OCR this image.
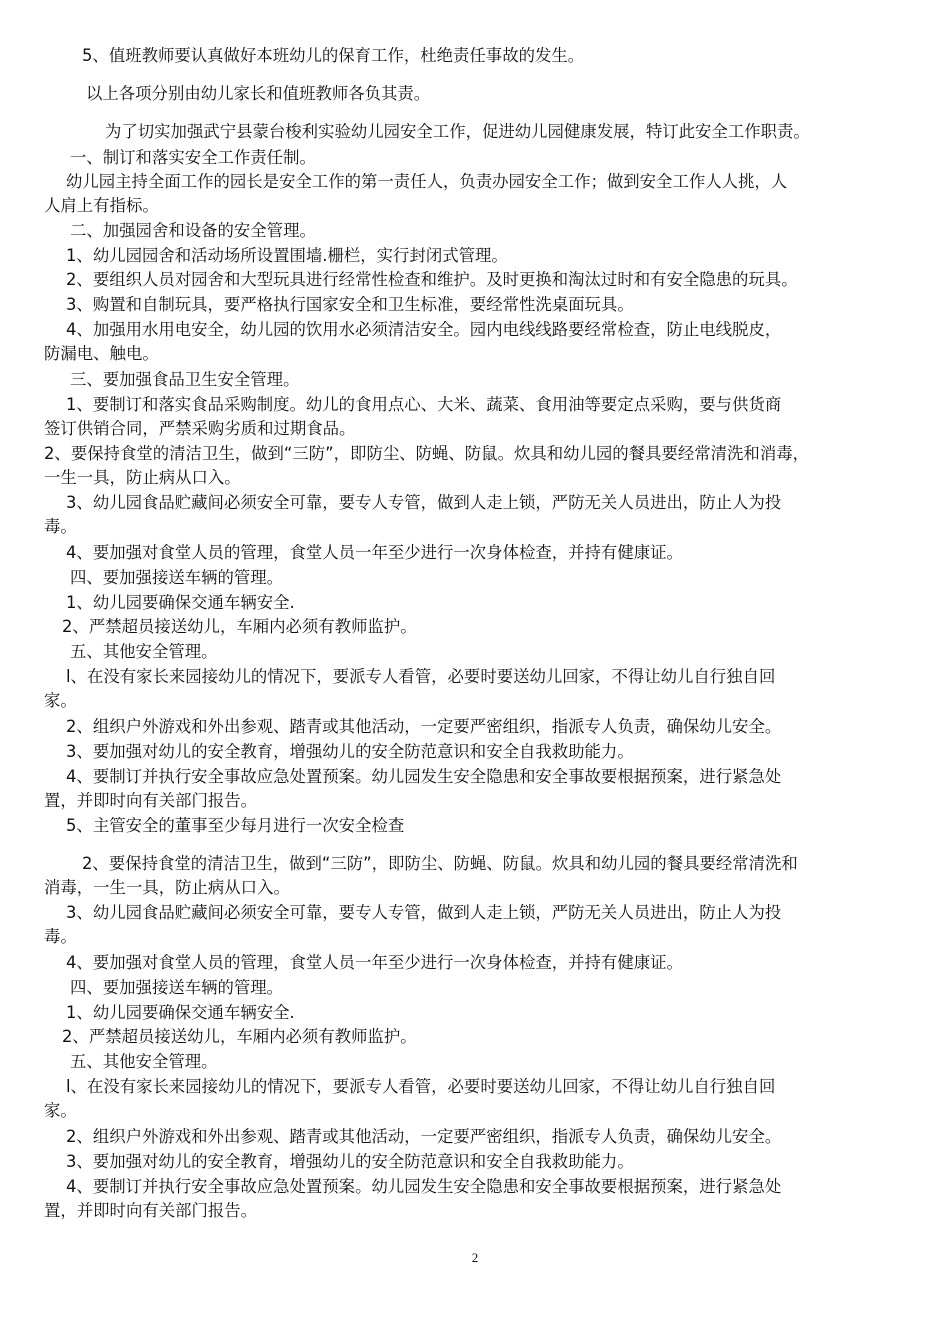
5、值班教师要认真做好本班幼儿的保育工作，杜绝责任事故的发生。
以上各项分别由幼儿家长和值班教师各负其责。
为了切实加强武宁县蒙台梭利实验幼儿园安全工作，促进幼儿园健康发展，特订此安全工作职责。
一、制订和落实安全工作责任制。
幼儿园主持全面工作的园长是安全工作的第一责任人，负责办园安全工作；做到安全工作人人挑，人
人肩上有指标。
二、加强园舍和设备的安全管理。
1、幼儿园园舍和活动场所设置围墙.栅栏，实行封闭式管理。
2、要组织人员对园舍和大型玩具进行经常性检查和维护。及时更换和淘汰过时和有安全隐患的玩具。
3、购置和自制玩具，要严格执行国家安全和卫生标准，要经常性洗桌面玩具。
4、加强用水用电安全，幼儿园的饮用水必须清洁安全。园内电线线路要经常检查，防止电线脱皮，
防漏电、触电。
三、要加强食品卫生安全管理。
1、要制订和落实食品采购制度。幼儿的食用点心、大米、蔬菜、食用油等要定点采购，要与供货商
签订供销合同，严禁采购劣质和过期食品。
2、要保持食堂的清洁卫生，做到“三防”，即防尘、防蝇、防鼠。炊具和幼儿园的餐具要经常清洗和消毒，
一生一具，防止病从口入。
3、幼儿园食品贮藏间必须安全可靠，要专人专管，做到人走上锁，严防无关人员进出，防止人为投
毒。
4、要加强对食堂人员的管理，食堂人员一年至少进行一次身体检查，并持有健康证。
四、要加强接送车辆的管理。
1、幼儿园要确保交通车辆安全.
2、严禁超员接送幼儿，车厢内必须有教师监护。
五、其他安全管理。
l、在没有家长来园接幼儿的情况下，要派专人看管，必要时要送幼儿回家，不得让幼儿自行独自回
家。
2、组织户外游戏和外出参观、踏青或其他活动，一定要严密组织，指派专人负责，确保幼儿安全。
3、要加强对幼儿的安全教育，增强幼儿的安全防范意识和安全自我救助能力。
4、要制订并执行安全事故应急处置预案。幼儿园发生安全隐患和安全事故要根据预案，进行紧急处
置，并即时向有关部门报告。
5、主管安全的董事至少每月进行一次安全检查
2、要保持食堂的清洁卫生，做到“三防”，即防尘、防蝇、防鼠。炊具和幼儿园的餐具要经常清洗和
消毒，一生一具，防止病从口入。
3、幼儿园食品贮藏间必须安全可靠，要专人专管，做到人走上锁，严防无关人员进出，防止人为投
毒。
4、要加强对食堂人员的管理，食堂人员一年至少进行一次身体检查，并持有健康证。
四、要加强接送车辆的管理。
1、幼儿园要确保交通车辆安全.
2、严禁超员接送幼儿，车厢内必须有教师监护。
五、其他安全管理。
l、在没有家长来园接幼儿的情况下，要派专人看管，必要时要送幼儿回家，不得让幼儿自行独自回
家。
2、组织户外游戏和外出参观、踏青或其他活动，一定要严密组织，指派专人负责，确保幼儿安全。
3、要加强对幼儿的安全教育，增强幼儿的安全防范意识和安全自我救助能力。
4、要制订并执行安全事故应急处置预案。幼儿园发生安全隐患和安全事故要根据预案，进行紧急处
置，并即时向有关部门报告。
2
